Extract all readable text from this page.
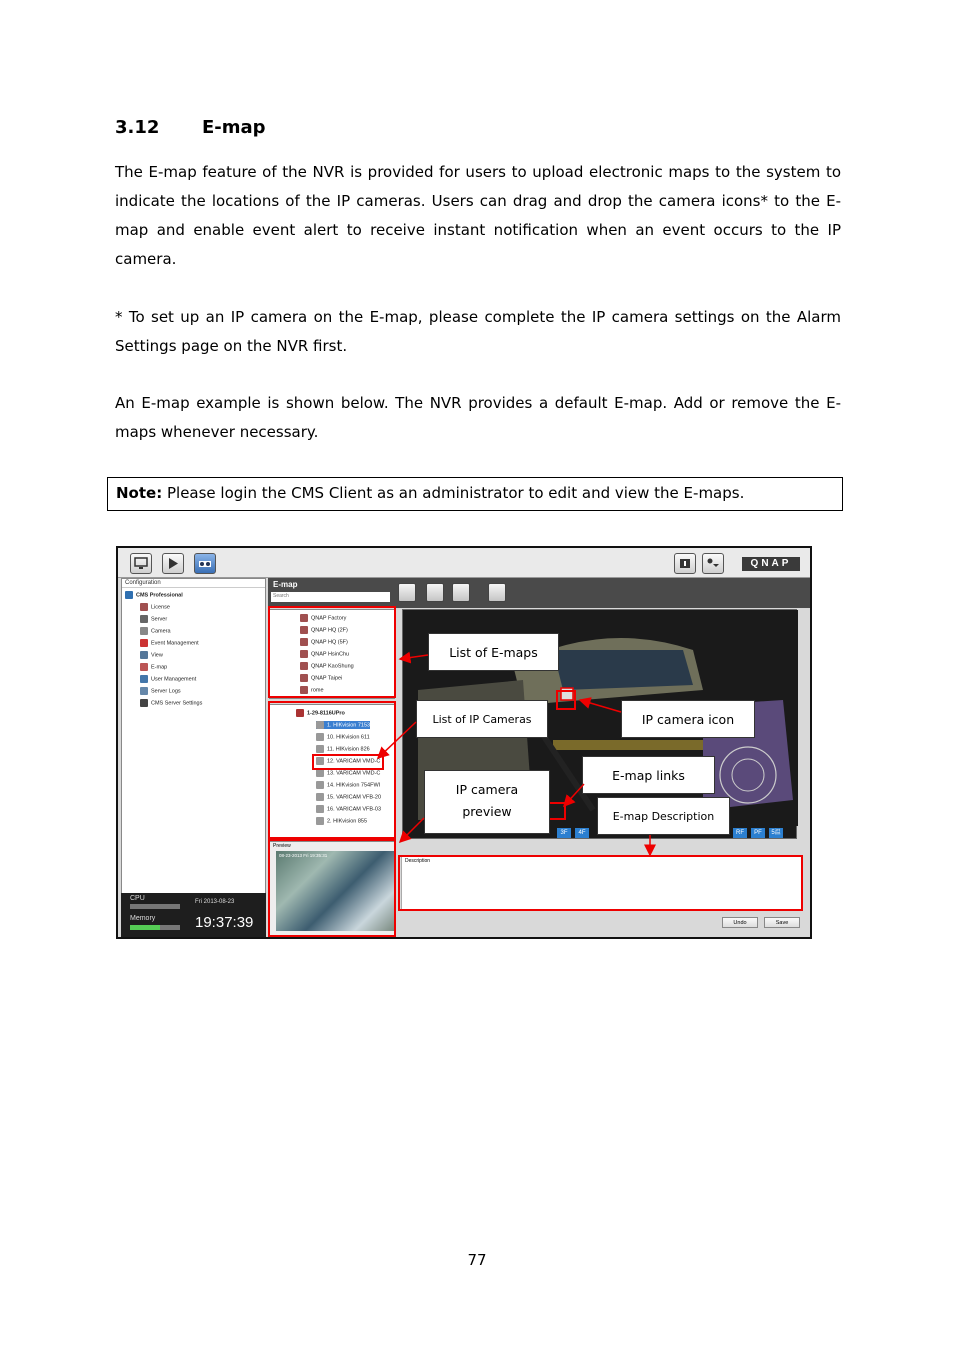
3.12 E-map

The E-map feature of the NVR is provided for users to upload electronic maps to the system to indicate the locations of the IP cameras. Users can drag and drop the camera icons* to the E-map and enable event alert to receive instant notification when an event occurs to the IP camera.

* To set up an IP camera on the E-map, please complete the IP camera settings on the Alarm Settings page on the NVR first.

An E-map example is shown below. The NVR provides a default E-map. Add or remove the E-maps whenever necessary.

Note: Please login the CMS Client as an administrator to edit and view the E-maps.
QNAP
Configuration
CMS Professional
License
Server
Camera
Event Management
View
E-map
User Management
Server Logs
CMS Server Settings
CPU
Memory
Fri 2013-08-23
19:37:39
E-map
Search
QNAP Factory
QNAP HQ (2F)
QNAP HQ (5F)
QNAP HsinChu
QNAP KaoShung
QNAP Taipei
rome
1-29-8116UPro
1. HIKvision 7153
10. HIKvision 611
11. HIKvision 826
12. VARICAM VMD-C
13. VARICAM VMD-C
14. HIKvision 754FWI
15. VARICAM VFB-20
16. VARICAM VFB-03
2. HIKvision 855
Preview
08-23-2013 Fri 19:35:31
3F	4F	RF	PF	5温
Description
Undo	Save
List of E-maps
List of IP Cameras	IP camera icon
E-map links
IP camera
preview	E-map Description
77
